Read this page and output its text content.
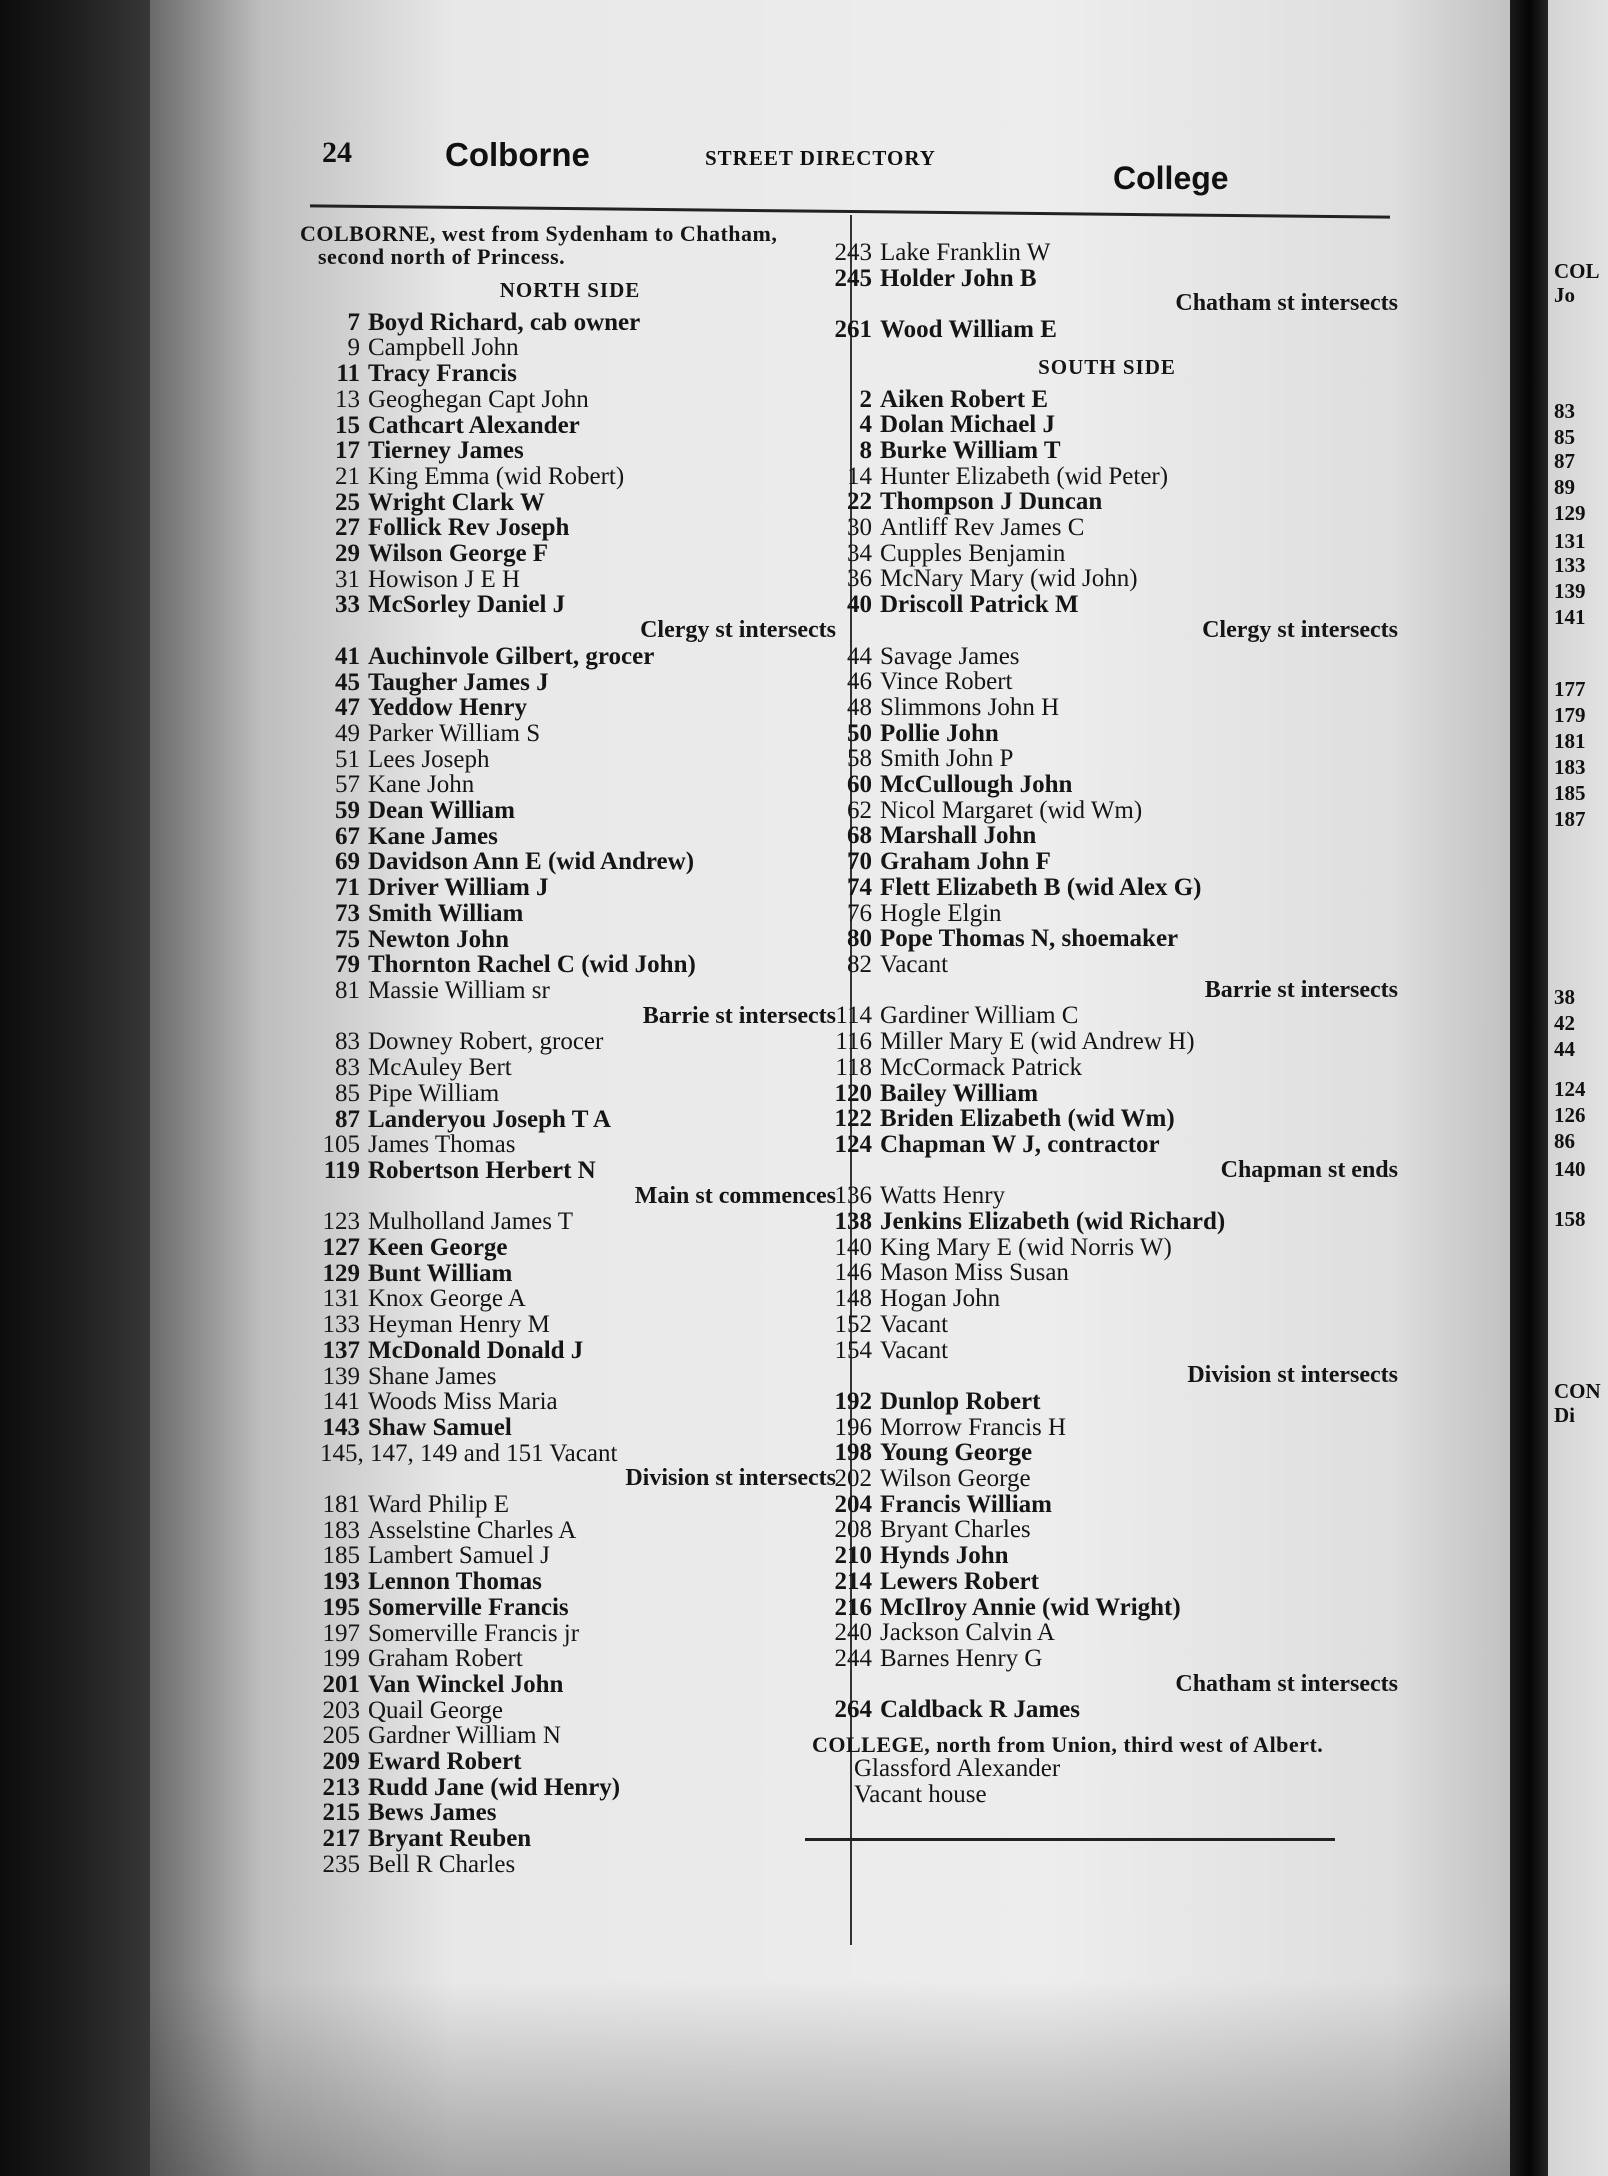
COL
Jo
83
85
87
89
129
131
133
139
141
177
179
181
183
185
187
38
42
44
124
126
86
140
158
CON
Di
24	Colborne	STREET DIRECTORY
College
COLBORNE, west from Sydenham to Chatham, second north of Princess.
NORTH SIDE
7 Boyd Richard, cab owner
9 Campbell John
11 Tracy Francis
13 Geoghegan Capt John
15 Cathcart Alexander
17 Tierney James
21 King Emma (wid Robert)
25 Wright Clark W
27 Follick Rev Joseph
29 Wilson George F
31 Howison J E H
33 McSorley Daniel J
Clergy st intersects
41 Auchinvole Gilbert, grocer
45 Taugher James J
47 Yeddow Henry
49 Parker William S
51 Lees Joseph
57 Kane John
59 Dean William
67 Kane James
69 Davidson Ann E (wid Andrew)
71 Driver William J
73 Smith William
75 Newton John
79 Thornton Rachel C (wid John)
81 Massie William sr
Barrie st intersects
83 Downey Robert, grocer
83 McAuley Bert
85 Pipe William
87 Landeryou Joseph T A
105 James Thomas
119 Robertson Herbert N
Main st commences
123 Mulholland James T
127 Keen George
129 Bunt William
131 Knox George A
133 Heyman Henry M
137 McDonald Donald J
139 Shane James
141 Woods Miss Maria
143 Shaw Samuel
145, 147, 149 and 151 Vacant
Division st intersects
181 Ward Philip E
183 Asselstine Charles A
185 Lambert Samuel J
193 Lennon Thomas
195 Somerville Francis
197 Somerville Francis jr
199 Graham Robert
201 Van Winckel John
203 Quail George
205 Gardner William N
209 Eward Robert
213 Rudd Jane (wid Henry)
215 Bews James
217 Bryant Reuben
235 Bell R Charles
243 Lake Franklin W
245 Holder John B
Chatham st intersects
261 Wood William E
SOUTH SIDE
2 Aiken Robert E
4 Dolan Michael J
8 Burke William T
14 Hunter Elizabeth (wid Peter)
22 Thompson J Duncan
30 Antliff Rev James C
34 Cupples Benjamin
36 McNary Mary (wid John)
40 Driscoll Patrick M
Clergy st intersects
44 Savage James
46 Vince Robert
48 Slimmons John H
50 Pollie John
58 Smith John P
60 McCullough John
62 Nicol Margaret (wid Wm)
68 Marshall John
70 Graham John F
74 Flett Elizabeth B (wid Alex G)
76 Hogle Elgin
80 Pope Thomas N, shoemaker
82 Vacant
Barrie st intersects
114 Gardiner William C
116 Miller Mary E (wid Andrew H)
118 McCormack Patrick
120 Bailey William
122 Briden Elizabeth (wid Wm)
124 Chapman W J, contractor
Chapman st ends
136 Watts Henry
138 Jenkins Elizabeth (wid Richard)
140 King Mary E (wid Norris W)
146 Mason Miss Susan
148 Hogan John
152 Vacant
154 Vacant
Division st intersects
192 Dunlop Robert
196 Morrow Francis H
198 Young George
202 Wilson George
204 Francis William
208 Bryant Charles
210 Hynds John
214 Lewers Robert
216 McIlroy Annie (wid Wright)
240 Jackson Calvin A
244 Barnes Henry G
Chatham st intersects
264 Caldback R James
COLLEGE, north from Union, third west of Albert.
Glassford Alexander
Vacant house
